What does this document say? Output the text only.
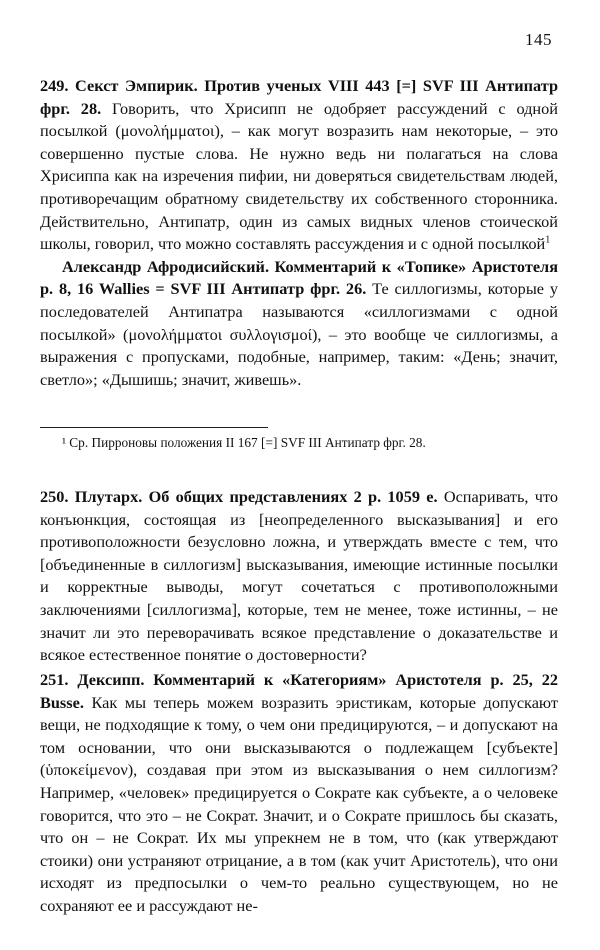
145

249. Секст Эмпирик. Против ученых VIII 443 [=] SVF III Антипатр фрг. 28. Говорить, что Хрисипп не одобряет рассуждений с одной посылкой (μονολήμματοι), – как могут возразить нам некоторые, – это совершенно пустые слова. Не нужно ведь ни полагаться на слова Хрисиппа как на изречения пифии, ни доверяться свидетельствам людей, противоречащим обратному свидетельству их собственного сторонника. Действительно, Антипатр, один из самых видных членов стоической школы, говорил, что можно составлять рассуждения и с одной посылкой$^1$

Александр Афродисийский. Комментарий к «Топике» Аристотеля p. 8, 16 Wallies = SVF III Антипатр фрг. 26. Те силлогизмы, которые у последователей Антипатра называются «силлогизмами с одной посылкой» (μονολήμματοι συλλογισμοί), – это вообще че силлогизмы, а выражения с пропусками, подобные, например, таким: «День; значит, светло»; «Дышишь; значит, живешь».

¹ Ср. Пирроновы положения II 167 [=] SVF III Антипатр фрг. 28.

250. Плутарх. Об общих представлениях 2 p. 1059 e. Оспаривать, что конъюнкция, состоящая из [неопределенного высказывания] и его противоположности безусловно ложна, и утверждать вместе с тем, что [объединенные в силлогизм] высказывания, имеющие истинные посылки и корректные выводы, могут сочетаться с противоположными заключениями [силлогизма], которые, тем не менее, тоже истинны, – не значит ли это переворачивать всякое представление о доказательстве и всякое естественное понятие о достоверности?

251. Дексипп. Комментарий к «Категориям» Аристотеля p. 25, 22 Busse. Как мы теперь можем возразить эристикам, которые допускают вещи, не подходящие к тому, о чем они предицируются, – и допускают на том основании, что они высказываются о подлежащем [субъекте] (ὑποκείμενον), создавая при этом из высказывания о нем силлогизм? Например, «человек» предицируется о Сократе как субъекте, а о человеке говорится, что это – не Сократ. Значит, и о Сократе пришлось бы сказать, что он – не Сократ. Их мы упрекнем не в том, что (как утверждают стоики) они устраняют отрицание, а в том (как учит Аристотель), что они исходят из предпосылки о чем-то реально существующем, но не сохраняют ее и рассуждают не-
